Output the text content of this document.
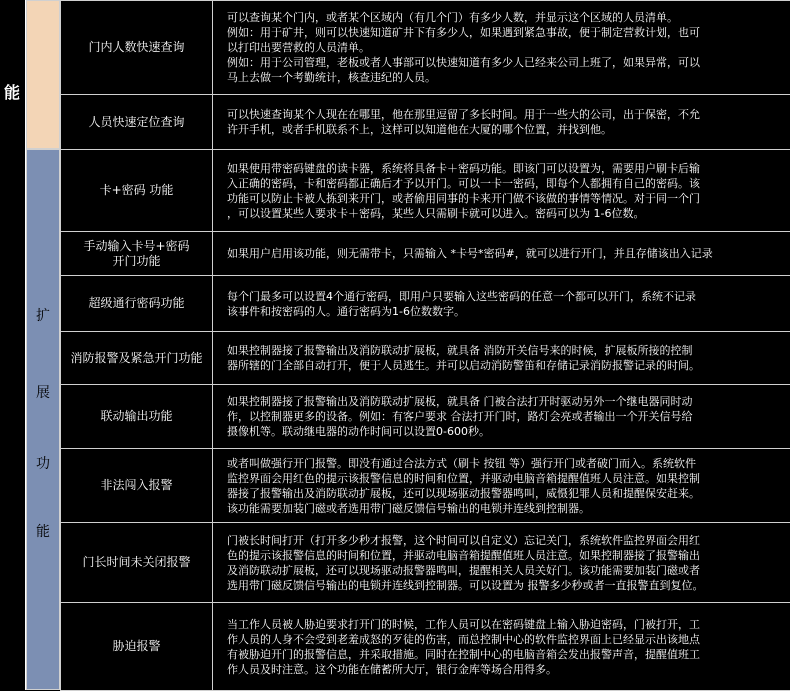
能
扩
展
功
能
门内人数快速查询	可以查询某个门内，或者某个区域内（有几个门）有多少人数，并显示这个区域的人员清单。
例如：用于矿井，则可以快速知道矿井下有多少人，如果遇到紧急事故，便于制定营救计划，也可
以打印出要营救的人员清单。
例如：用于公司管理，老板或者人事部可以快速知道有多少人已经来公司上班了，如果异常，可以
马上去做一个考勤统计，核查违纪的人员。

人员快速定位查询	可以快速查询某个人现在在哪里，他在那里逗留了多长时间。用于一些大的公司，出于保密，不允
许开手机，或者手机联系不上，这样可以知道他在大厦的哪个位置，并找到他。

卡+密码 功能	如果使用带密码键盘的读卡器，系统将具备卡＋密码功能。即该门可以设置为，需要用户刷卡后输
入正确的密码，卡和密码都正确后才予以开门。可以一卡一密码，即每个人都拥有自己的密码。该
功能可以防止卡被人拣到来开门，或者偷用同事的卡来开门做不该做的事情等情况。对于同一个门
，可以设置某些人要求卡＋密码，某些人只需刷卡就可以进入。密码可以为 1-6位数。

手动输入卡号+密码
开门功能	如果用户启用该功能，则无需带卡，只需输入 *卡号*密码#，就可以进行开门，并且存储该出入记录

超级通行密码功能	每个门最多可以设置4个通行密码，即用户只要输入这些密码的任意一个都可以开门，系统不记录
该事件和按密码的人。通行密码为1-6位数数字。

消防报警及紧急开门功能	如果控制器接了报警输出及消防联动扩展板，就具备 消防开关信号来的时候，扩展板所接的控制
器所辖的门全部自动打开，便于人员逃生。并可以启动消防警笛和存储记录消防报警记录的时间。

联动输出功能	如果控制器接了报警输出及消防联动扩展板，就具备 门被合法打开时驱动另外一个继电器同时动
作，以控制器更多的设备。例如：有客户要求 合法打开门时，路灯会亮或者输出一个开关信号给
摄像机等。联动继电器的动作时间可以设置0-600秒。

非法闯入报警	或者叫做强行开门报警。即没有通过合法方式（刷卡 按钮 等）强行开门或者破门而入。系统软件
监控界面会用红色的提示该报警信息的时间和位置，并驱动电脑音箱提醒值班人员注意。如果控制
器接了报警输出及消防联动扩展板，还可以现场驱动报警器鸣叫，威慑犯罪人员和提醒保安赶来。
该功能需要加装门磁或者选用带门磁反馈信号输出的电锁并连线到控制器。

门长时间未关闭报警	门被长时间打开（打开多少秒才报警，这个时间可以自定义）忘记关门，系统软件监控界面会用红
色的提示该报警信息的时间和位置，并驱动电脑音箱提醒值班人员注意。如果控制器接了报警输出
及消防联动扩展板，还可以现场驱动报警器鸣叫，提醒相关人员关好门。该功能需要加装门磁或者
选用带门磁反馈信号输出的电锁并连线到控制器。可以设置为 报警多少秒或者一直报警直到复位。

胁迫报警	当工作人员被人胁迫要求打开门的时候，工作人员可以在密码键盘上输入胁迫密码，门被打开，工
作人员的人身不会受到老羞成怒的歹徒的伤害，而总控制中心的软件监控界面上已经显示出该地点
有被胁迫开门的报警信息，并采取措施。同时在控制中心的电脑音箱会发出报警声音，提醒值班工
作人员及时注意。这个功能在储蓄所大厅，银行金库等场合用得多。
